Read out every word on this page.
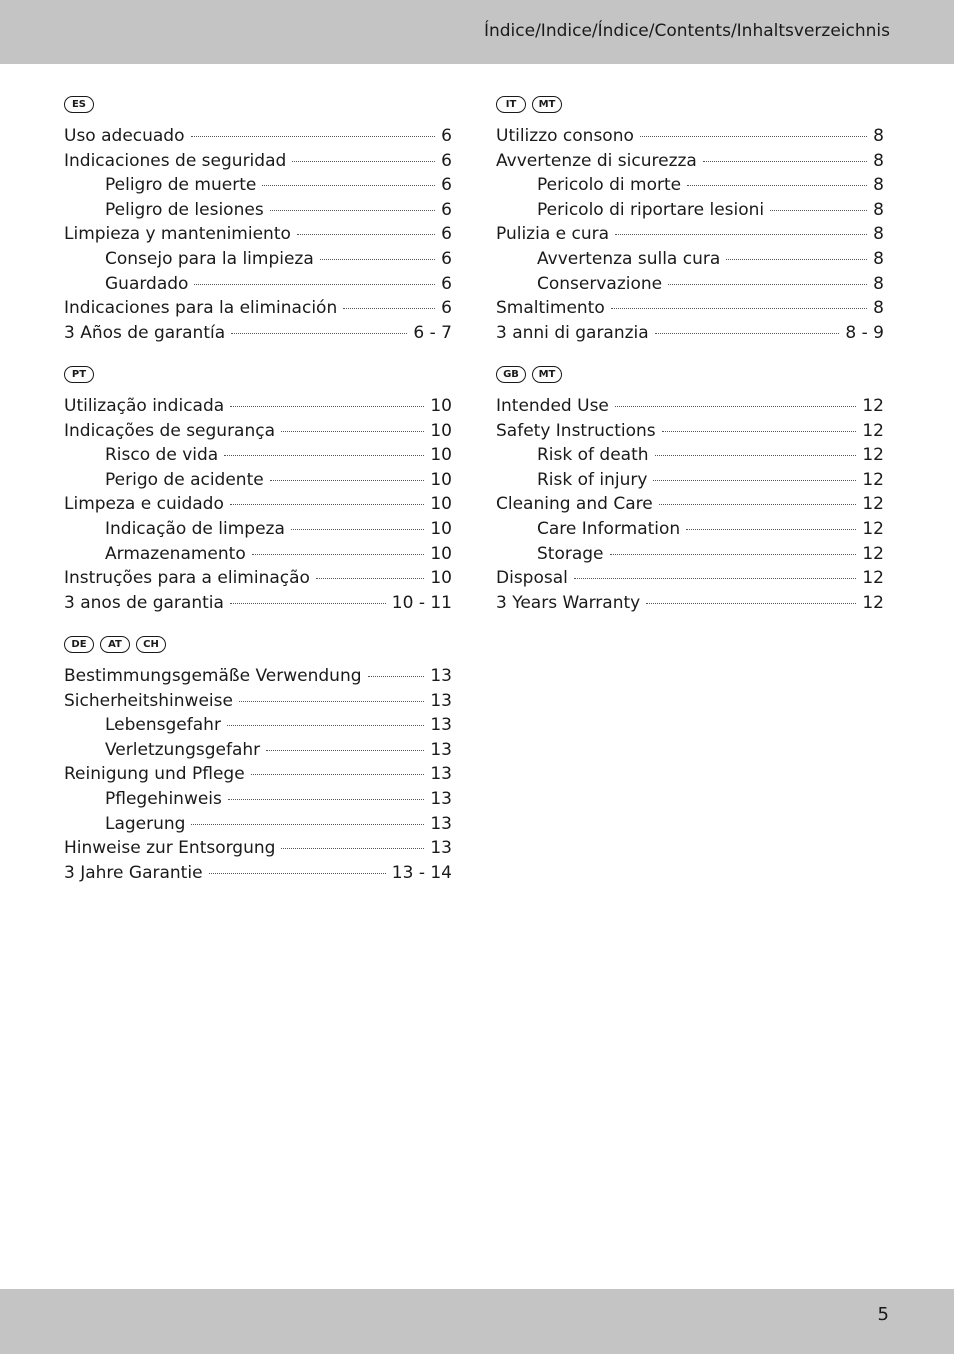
Índice/Indice/Índice/Contents/Inhaltsverzeichnis
ES
Uso adecuado	6
Indicaciones de seguridad	6
Peligro de muerte	6
Peligro de lesiones	6
Limpieza y mantenimiento	6
Consejo para la limpieza	6
Guardado	6
Indicaciones para la eliminación	6
3 Años de garantía	6 - 7
PT
Utilização indicada	10
Indicações de segurança	10
Risco de vida	10
Perigo de acidente	10
Limpeza e cuidado	10
Indicação de limpeza	10
Armazenamento	10
Instruções para a eliminação	10
3 anos de garantia	10 - 11
DE	AT	CH
Bestimmungsgemäße Verwendung	13
Sicherheitshinweise	13
Lebensgefahr	13
Verletzungsgefahr	13
Reinigung und Pflege	13
Pflegehinweis	13
Lagerung	13
Hinweise zur Entsorgung	13
3 Jahre Garantie	13 - 14
IT	MT
Utilizzo consono	8
Avvertenze di sicurezza	8
Pericolo di morte	8
Pericolo di riportare lesioni	8
Pulizia e cura	8
Avvertenza sulla cura	8
Conservazione	8
Smaltimento	8
3 anni di garanzia	8 - 9
GB	MT
Intended Use	12
Safety Instructions	12
Risk of death	12
Risk of injury	12
Cleaning and Care	12
Care Information	12
Storage	12
Disposal	12
3 Years Warranty	12
5
